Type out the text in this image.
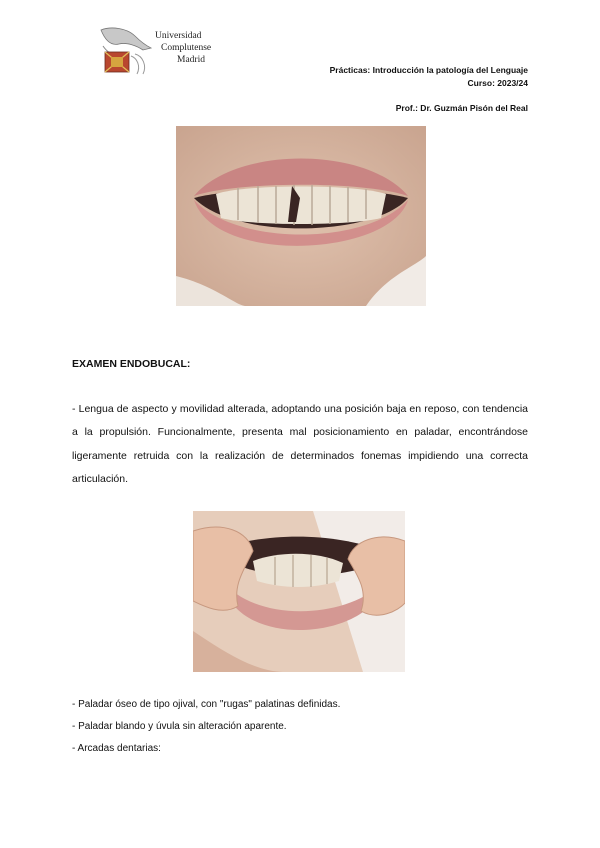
Universidad
Complutense
Madrid
Prácticas: Introducción la patología del Lenguaje
Curso: 2023/24
Prof.: Dr. Guzmán Pisón del Real
EXAMEN ENDOBUCAL:
- Lengua de aspecto y movilidad alterada, adoptando una posición baja en reposo, con tendencia a la propulsión. Funcionalmente, presenta mal posicionamiento en paladar, encontrándose ligeramente retruida con la realización de determinados fonemas impidiendo una correcta articulación.
- Paladar óseo de tipo ojival, con "rugas" palatinas definidas.
- Paladar blando y úvula sin alteración aparente.
- Arcadas dentarias:
